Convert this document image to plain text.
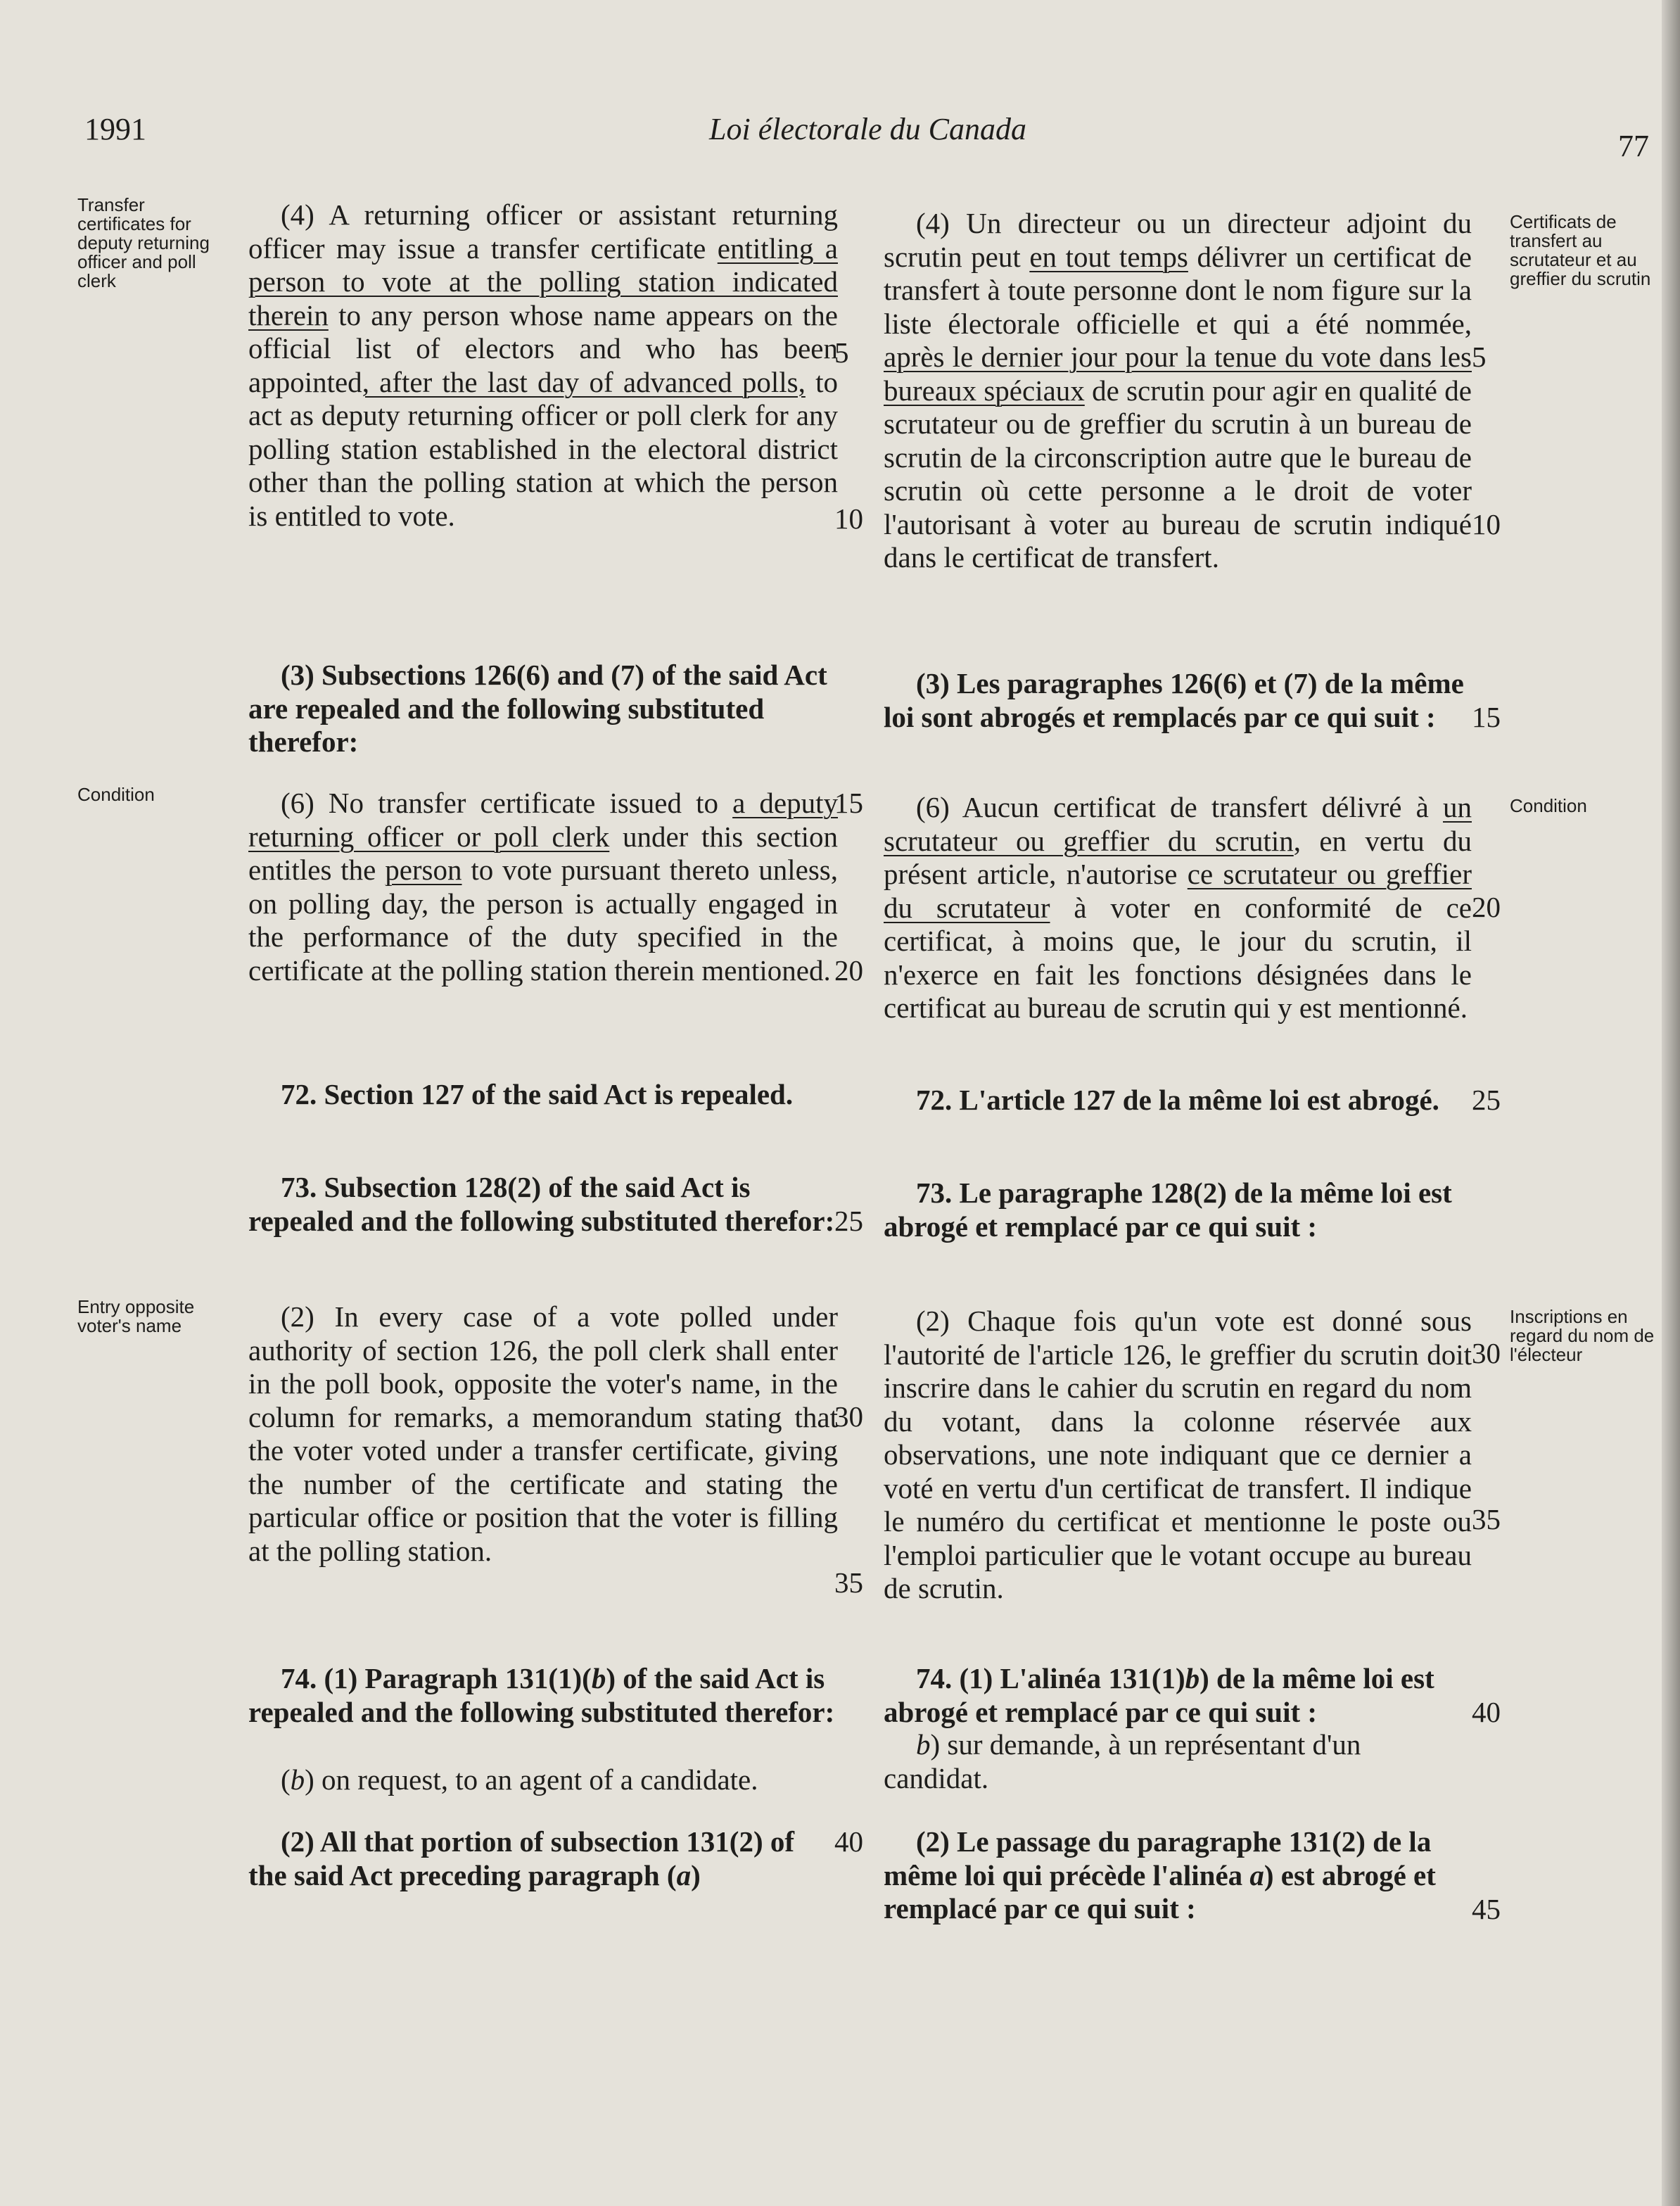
1991	Loi électorale du Canada	77
Transfer certificates for deputy returning officer and poll clerk
Condition
Entry opposite voter's name
Certificats de transfert au scrutateur et au greffier du scrutin
Condition
Inscriptions en regard du nom de l'électeur

(4) A returning officer or assistant returning officer may issue a transfer certificate entitling a person to vote at the polling station indicated therein to any person whose name appears on the official list of electors and who has been appointed, after the last day of advanced polls, to act as deputy returning officer or poll clerk for any polling station established in the electoral district other than the polling station at which the person is entitled to vote.

(3) Subsections 126(6) and (7) of the said Act are repealed and the following substituted therefor:

(6) No transfer certificate issued to a deputy returning officer or poll clerk under this section entitles the person to vote pursuant thereto unless, on polling day, the person is actually engaged in the performance of the duty specified in the certificate at the polling station therein mentioned.

72. Section 127 of the said Act is repealed.

73. Subsection 128(2) of the said Act is repealed and the following substituted therefor:

(2) In every case of a vote polled under authority of section 126, the poll clerk shall enter in the poll book, opposite the voter's name, in the column for remarks, a memorandum stating that the voter voted under a transfer certificate, giving the number of the certificate and stating the particular office or position that the voter is filling at the polling station.

74. (1) Paragraph 131(1)(b) of the said Act is repealed and the following substituted therefor:

(b) on request, to an agent of a candidate.

(2) All that portion of subsection 131(2) of the said Act preceding paragraph (a)

5
10
15
20
25
30
35
40

(4) Un directeur ou un directeur adjoint du scrutin peut en tout temps délivrer un certificat de transfert à toute personne dont le nom figure sur la liste électorale officielle et qui a été nommée, après le dernier jour pour la tenue du vote dans les bureaux spéciaux de scrutin pour agir en qualité de scrutateur ou de greffier du scrutin à un bureau de scrutin de la circonscription autre que le bureau de scrutin où cette personne a le droit de voter l'autorisant à voter au bureau de scrutin indiqué dans le certificat de transfert.

(3) Les paragraphes 126(6) et (7) de la même loi sont abrogés et remplacés par ce qui suit :

(6) Aucun certificat de transfert délivré à un scrutateur ou greffier du scrutin, en vertu du présent article, n'autorise ce scrutateur ou greffier du scrutateur à voter en conformité de ce certificat, à moins que, le jour du scrutin, il n'exerce en fait les fonctions désignées dans le certificat au bureau de scrutin qui y est mentionné.

72. L'article 127 de la même loi est abrogé.

73. Le paragraphe 128(2) de la même loi est abrogé et remplacé par ce qui suit :

(2) Chaque fois qu'un vote est donné sous l'autorité de l'article 126, le greffier du scrutin doit inscrire dans le cahier du scrutin en regard du nom du votant, dans la colonne réservée aux observations, une note indiquant que ce dernier a voté en vertu d'un certificat de transfert. Il indique le numéro du certificat et mentionne le poste ou l'emploi particulier que le votant occupe au bureau de scrutin.

74. (1) L'alinéa 131(1)b) de la même loi est abrogé et remplacé par ce qui suit :

b) sur demande, à un représentant d'un candidat.

(2) Le passage du paragraphe 131(2) de la même loi qui précède l'alinéa a) est abrogé et remplacé par ce qui suit :

5
10
15
20
25
30
35
40
45
